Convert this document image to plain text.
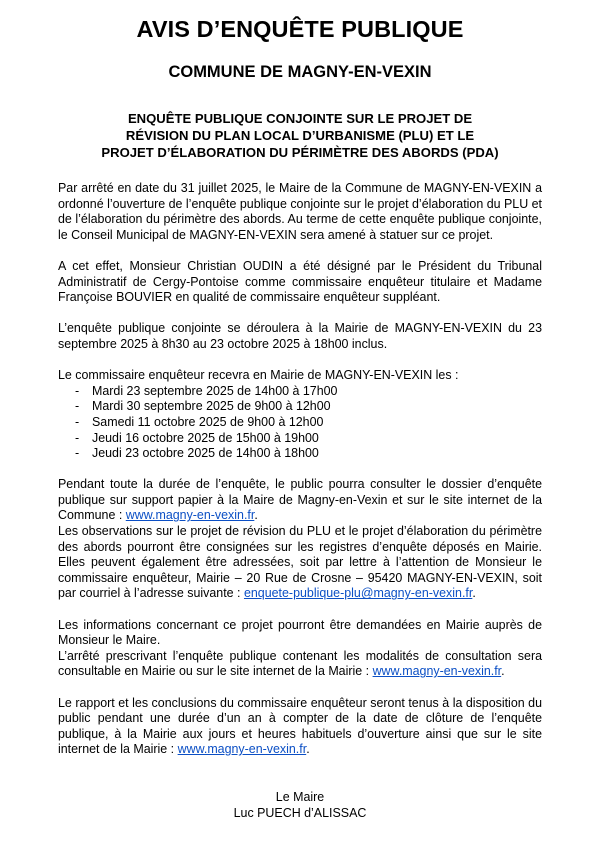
AVIS D’ENQUÊTE PUBLIQUE
COMMUNE DE MAGNY-EN-VEXIN
ENQUÊTE PUBLIQUE CONJOINTE SUR LE PROJET DE
RÉVISION DU PLAN LOCAL D’URBANISME (PLU) ET LE
PROJET D’ÉLABORATION DU PÉRIMÈTRE DES ABORDS (PDA)

Par arrêté en date du 31 juillet 2025, le Maire de la Commune de MAGNY-EN-VEXIN a ordonné l’ouverture de l’enquête publique conjointe sur le projet d’élaboration du PLU et de l’élaboration du périmètre des abords. Au terme de cette enquête publique conjointe, le Conseil Municipal de MAGNY-EN-VEXIN sera amené à statuer sur ce projet.

A cet effet, Monsieur Christian OUDIN a été désigné par le Président du Tribunal Administratif de Cergy-Pontoise comme commissaire enquêteur titulaire et Madame Françoise BOUVIER en qualité de commissaire enquêteur suppléant.

L’enquête publique conjointe se déroulera à la Mairie de MAGNY-EN-VEXIN du 23 septembre 2025 à 8h30 au 23 octobre 2025 à 18h00 inclus.

Le commissaire enquêteur recevra en Mairie de MAGNY-EN-VEXIN les :

- Mardi 23 septembre 2025 de 14h00 à 17h00
- Mardi 30 septembre 2025 de 9h00 à 12h00
- Samedi 11 octobre 2025 de 9h00 à 12h00
- Jeudi 16 octobre 2025 de 15h00 à 19h00
- Jeudi 23 octobre 2025 de 14h00 à 18h00

Pendant toute la durée de l’enquête, le public pourra consulter le dossier d’enquête publique sur support papier à la Maire de Magny-en-Vexin et sur le site internet de la Commune : www.magny-en-vexin.fr.

Les observations sur le projet de révision du PLU et le projet d’élaboration du périmètre des abords pourront être consignées sur les registres d’enquête déposés en Mairie. Elles peuvent également être adressées, soit par lettre à l’attention de Monsieur le commissaire enquêteur, Mairie – 20 Rue de Crosne – 95420 MAGNY-EN-VEXIN, soit par courriel à l’adresse suivante : enquete-publique-plu@magny-en-vexin.fr.

Les informations concernant ce projet pourront être demandées en Mairie auprès de Monsieur le Maire.

L’arrêté prescrivant l’enquête publique contenant les modalités de consultation sera consultable en Mairie ou sur le site internet de la Mairie : www.magny-en-vexin.fr.

Le rapport et les conclusions du commissaire enquêteur seront tenus à la disposition du public pendant une durée d’un an à compter de la date de clôture de l’enquête publique, à la Mairie aux jours et heures habituels d’ouverture ainsi que sur le site internet de la Mairie : www.magny-en-vexin.fr.

Le Maire
Luc PUECH d’ALISSAC
